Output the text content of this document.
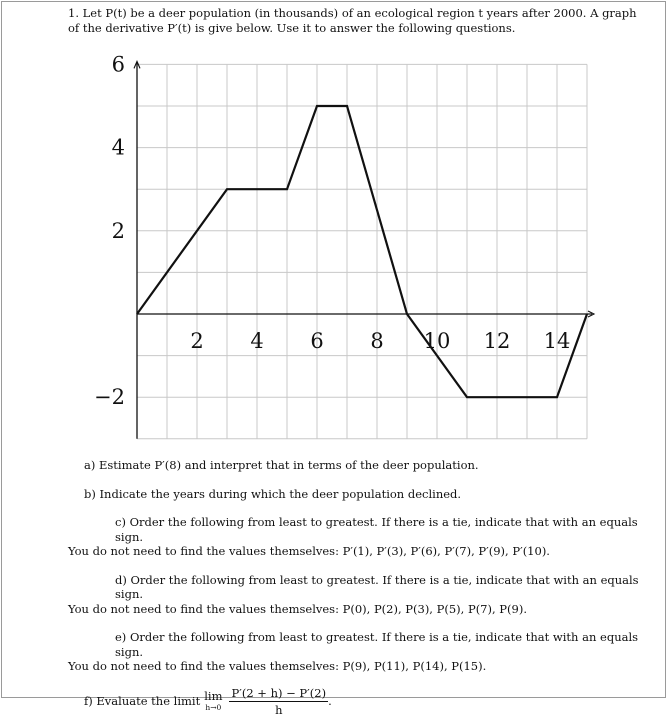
1. Let P(t) be a deer population (in thousands) of an ecological region t years after 2000. A graph

of the derivative P′(t) is give below. Use it to answer the following questions.

2 4 6 8 10 12 14
6
4
2
−2

a) Estimate P′(8) and interpret that in terms of the deer population.

b) Indicate the years during which the deer population declined.

c) Order the following from least to greatest. If there is a tie, indicate that with an equals sign.
You do not need to find the values themselves: P′(1), P′(3), P′(6), P′(7), P′(9), P′(10).
d) Order the following from least to greatest. If there is a tie, indicate that with an equals sign.
You do not need to find the values themselves: P(0), P(2), P(3), P(5), P(7), P(9).
e) Order the following from least to greatest. If there is a tie, indicate that with an equals sign.
You do not need to find the values themselves: P(9), P(11), P(14), P(15).
f) Evaluate the limit lim
$h\to 0 \frac{P'(2 + h) - P'(2)}{h}$ .
